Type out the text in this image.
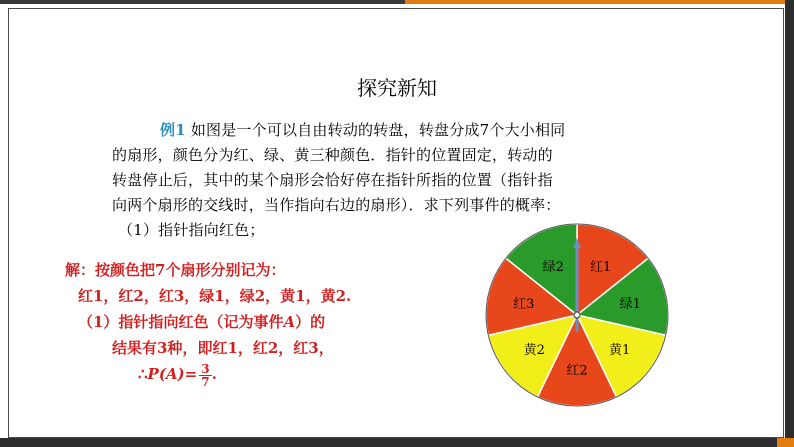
探究新知
例1 如图是一个可以自由转动的转盘，转盘分成7个大小相同
的扇形，颜色分为红、绿、黄三种颜色．指针的位置固定，转动的
转盘停止后，其中的某个扇形会恰好停在指针所指的位置（指针指
向两个扇形的交线时，当作指向右边的扇形）．求下列事件的概率：
（1）指针指向红色；
解：按颜色把7个扇形分别记为：
红1，红2，红3，绿1，绿2，黄1，黄2.
（1）指针指向红色（记为事件A）的
结果有3种，即红1，红2，红3，
∴P(A)= $\frac{3}{7}$ .
红1
绿1
黄1
红2
黄2
红3
绿2
